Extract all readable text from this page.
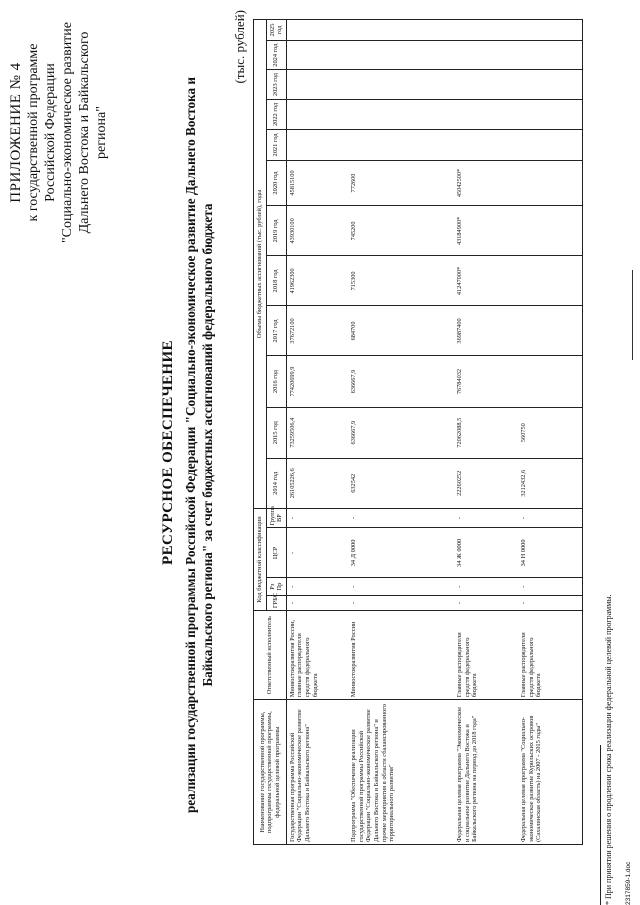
ПРИЛОЖЕНИЕ № 4 к государственной программе Российской Федерации "Социально-экономическое развитие Дальнего Востока и Байкальского региона"
РЕСУРСНОЕ ОБЕСПЕЧЕНИЕ реализации государственной программы Российской Федерации "Социально-экономическое развитие Дальнего Востока и Байкальского региона" за счет бюджетных ассигнований федерального бюджета
(тыс. рублей)
Наименование государственной программы, подпрограммы государственной программы, федеральной целевой программы	Ответственный исполнитель	Код бюджетной классификации				Объемы бюджетных ассигнований (тыс. рублей), годы											
		ГРБС	Рз Пр	ЦСР	Группа ВР	2014 год	2015 год	2016 год	2017 год	2018 год	2019 год	2020 год	2021 год	2022 год	2023 год	2024 год	2025 год
Государственная программа Российской Федерации "Социально-экономическое развитие Дальнего Востока и Байкальского региона"	Минвостокразвития России, главные распорядители средств федерального бюджета	-	-	-	-	26105226,6	73259506,4	77420699,9	37672100	41962300	43930100	45815100					
Подпрограмма "Обеспечение реализации государственной программы Российской Федерации "Социально-экономическое развитие Дальнего Востока и Байкальского региона" и прочие мероприятия в области сбалансированного территориального развития"	Минвостокразвития России	-	-	34 Д 0000	-	632542	636667,9	636667,9	684700	715300	745200	772600					
Федеральная целевая программа "Экономическое и социальное развитие Дальнего Востока и Байкальского региона на период до 2018 года"	Главные распорядители средств федерального бюджета	-	-	34 Ж 0000	-	22260252	72062088,5	76784032	36987400	41247000*	43184900*	45042500*					
Федеральная целевая программа "Социально-экономическое развитие Курильских островов (Сахалинская область) на 2007 - 2015 годы"	Главные распорядители средств федерального бюджета	-	-	34 Н 0000	-	3212432,6	560750										
* При принятии решения о продлении срока реализации федеральной целевой программы. 2317859-1.doc
